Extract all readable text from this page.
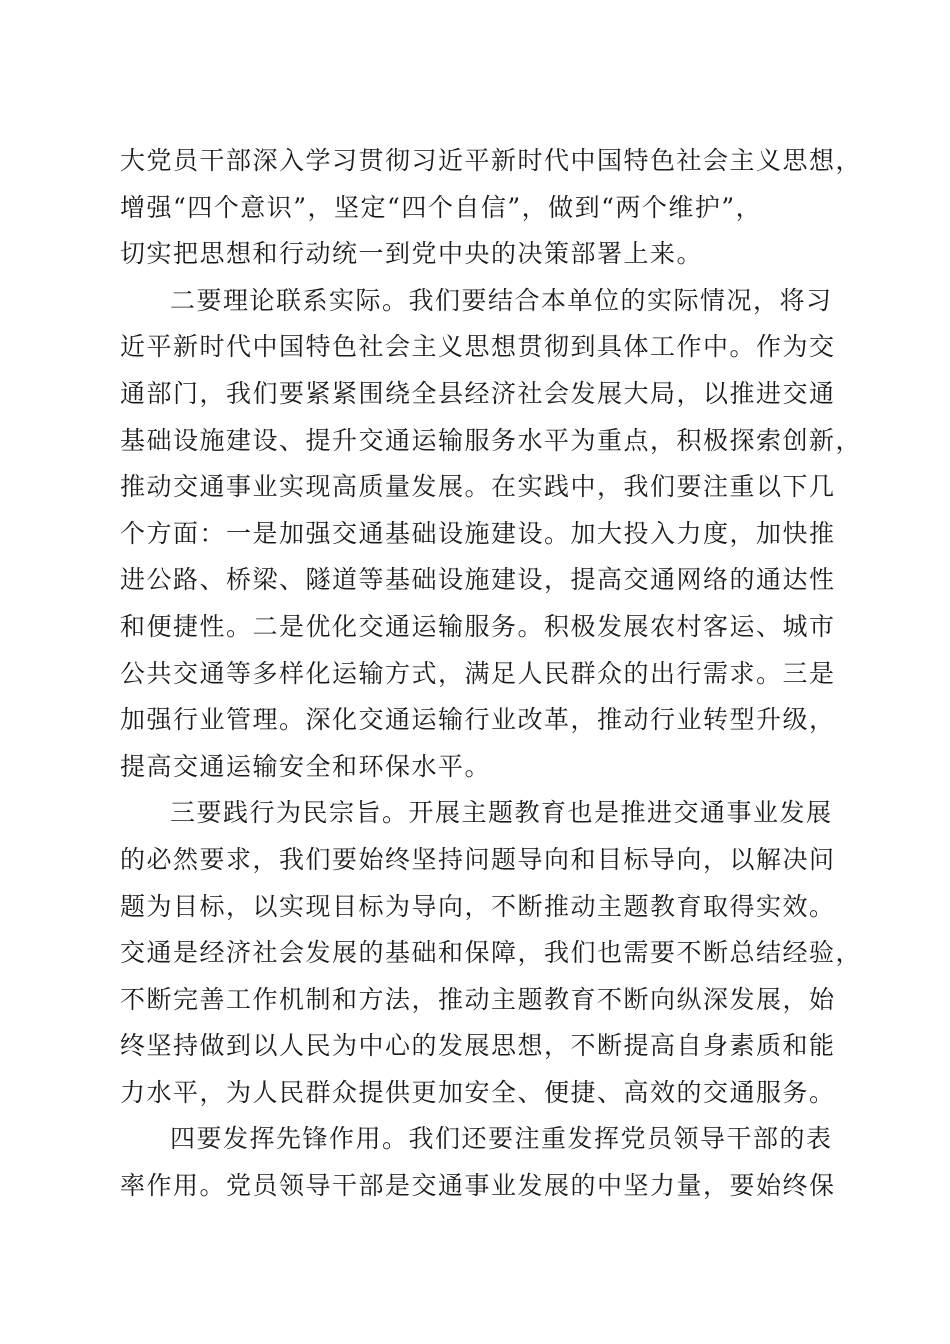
大党员干部深入学习贯彻习近平新时代中国特色社会主义思想，
增强“四个意识”，坚定“四个自信”，做到“两个维护”，
切实把思想和行动统一到党中央的决策部署上来。
二要理论联系实际。我们要结合本单位的实际情况，将习
近平新时代中国特色社会主义思想贯彻到具体工作中。作为交
通部门，我们要紧紧围绕全县经济社会发展大局，以推进交通
基础设施建设、提升交通运输服务水平为重点，积极探索创新，
推动交通事业实现高质量发展。在实践中，我们要注重以下几
个方面：一是加强交通基础设施建设。加大投入力度，加快推
进公路、桥梁、隧道等基础设施建设，提高交通网络的通达性
和便捷性。二是优化交通运输服务。积极发展农村客运、城市
公共交通等多样化运输方式，满足人民群众的出行需求。三是
加强行业管理。深化交通运输行业改革，推动行业转型升级，
提高交通运输安全和环保水平。
三要践行为民宗旨。开展主题教育也是推进交通事业发展
的必然要求，我们要始终坚持问题导向和目标导向，以解决问
题为目标，以实现目标为导向，不断推动主题教育取得实效。
交通是经济社会发展的基础和保障，我们也需要不断总结经验，
不断完善工作机制和方法，推动主题教育不断向纵深发展，始
终坚持做到以人民为中心的发展思想，不断提高自身素质和能
力水平，为人民群众提供更加安全、便捷、高效的交通服务。
四要发挥先锋作用。我们还要注重发挥党员领导干部的表
率作用。党员领导干部是交通事业发展的中坚力量，要始终保
